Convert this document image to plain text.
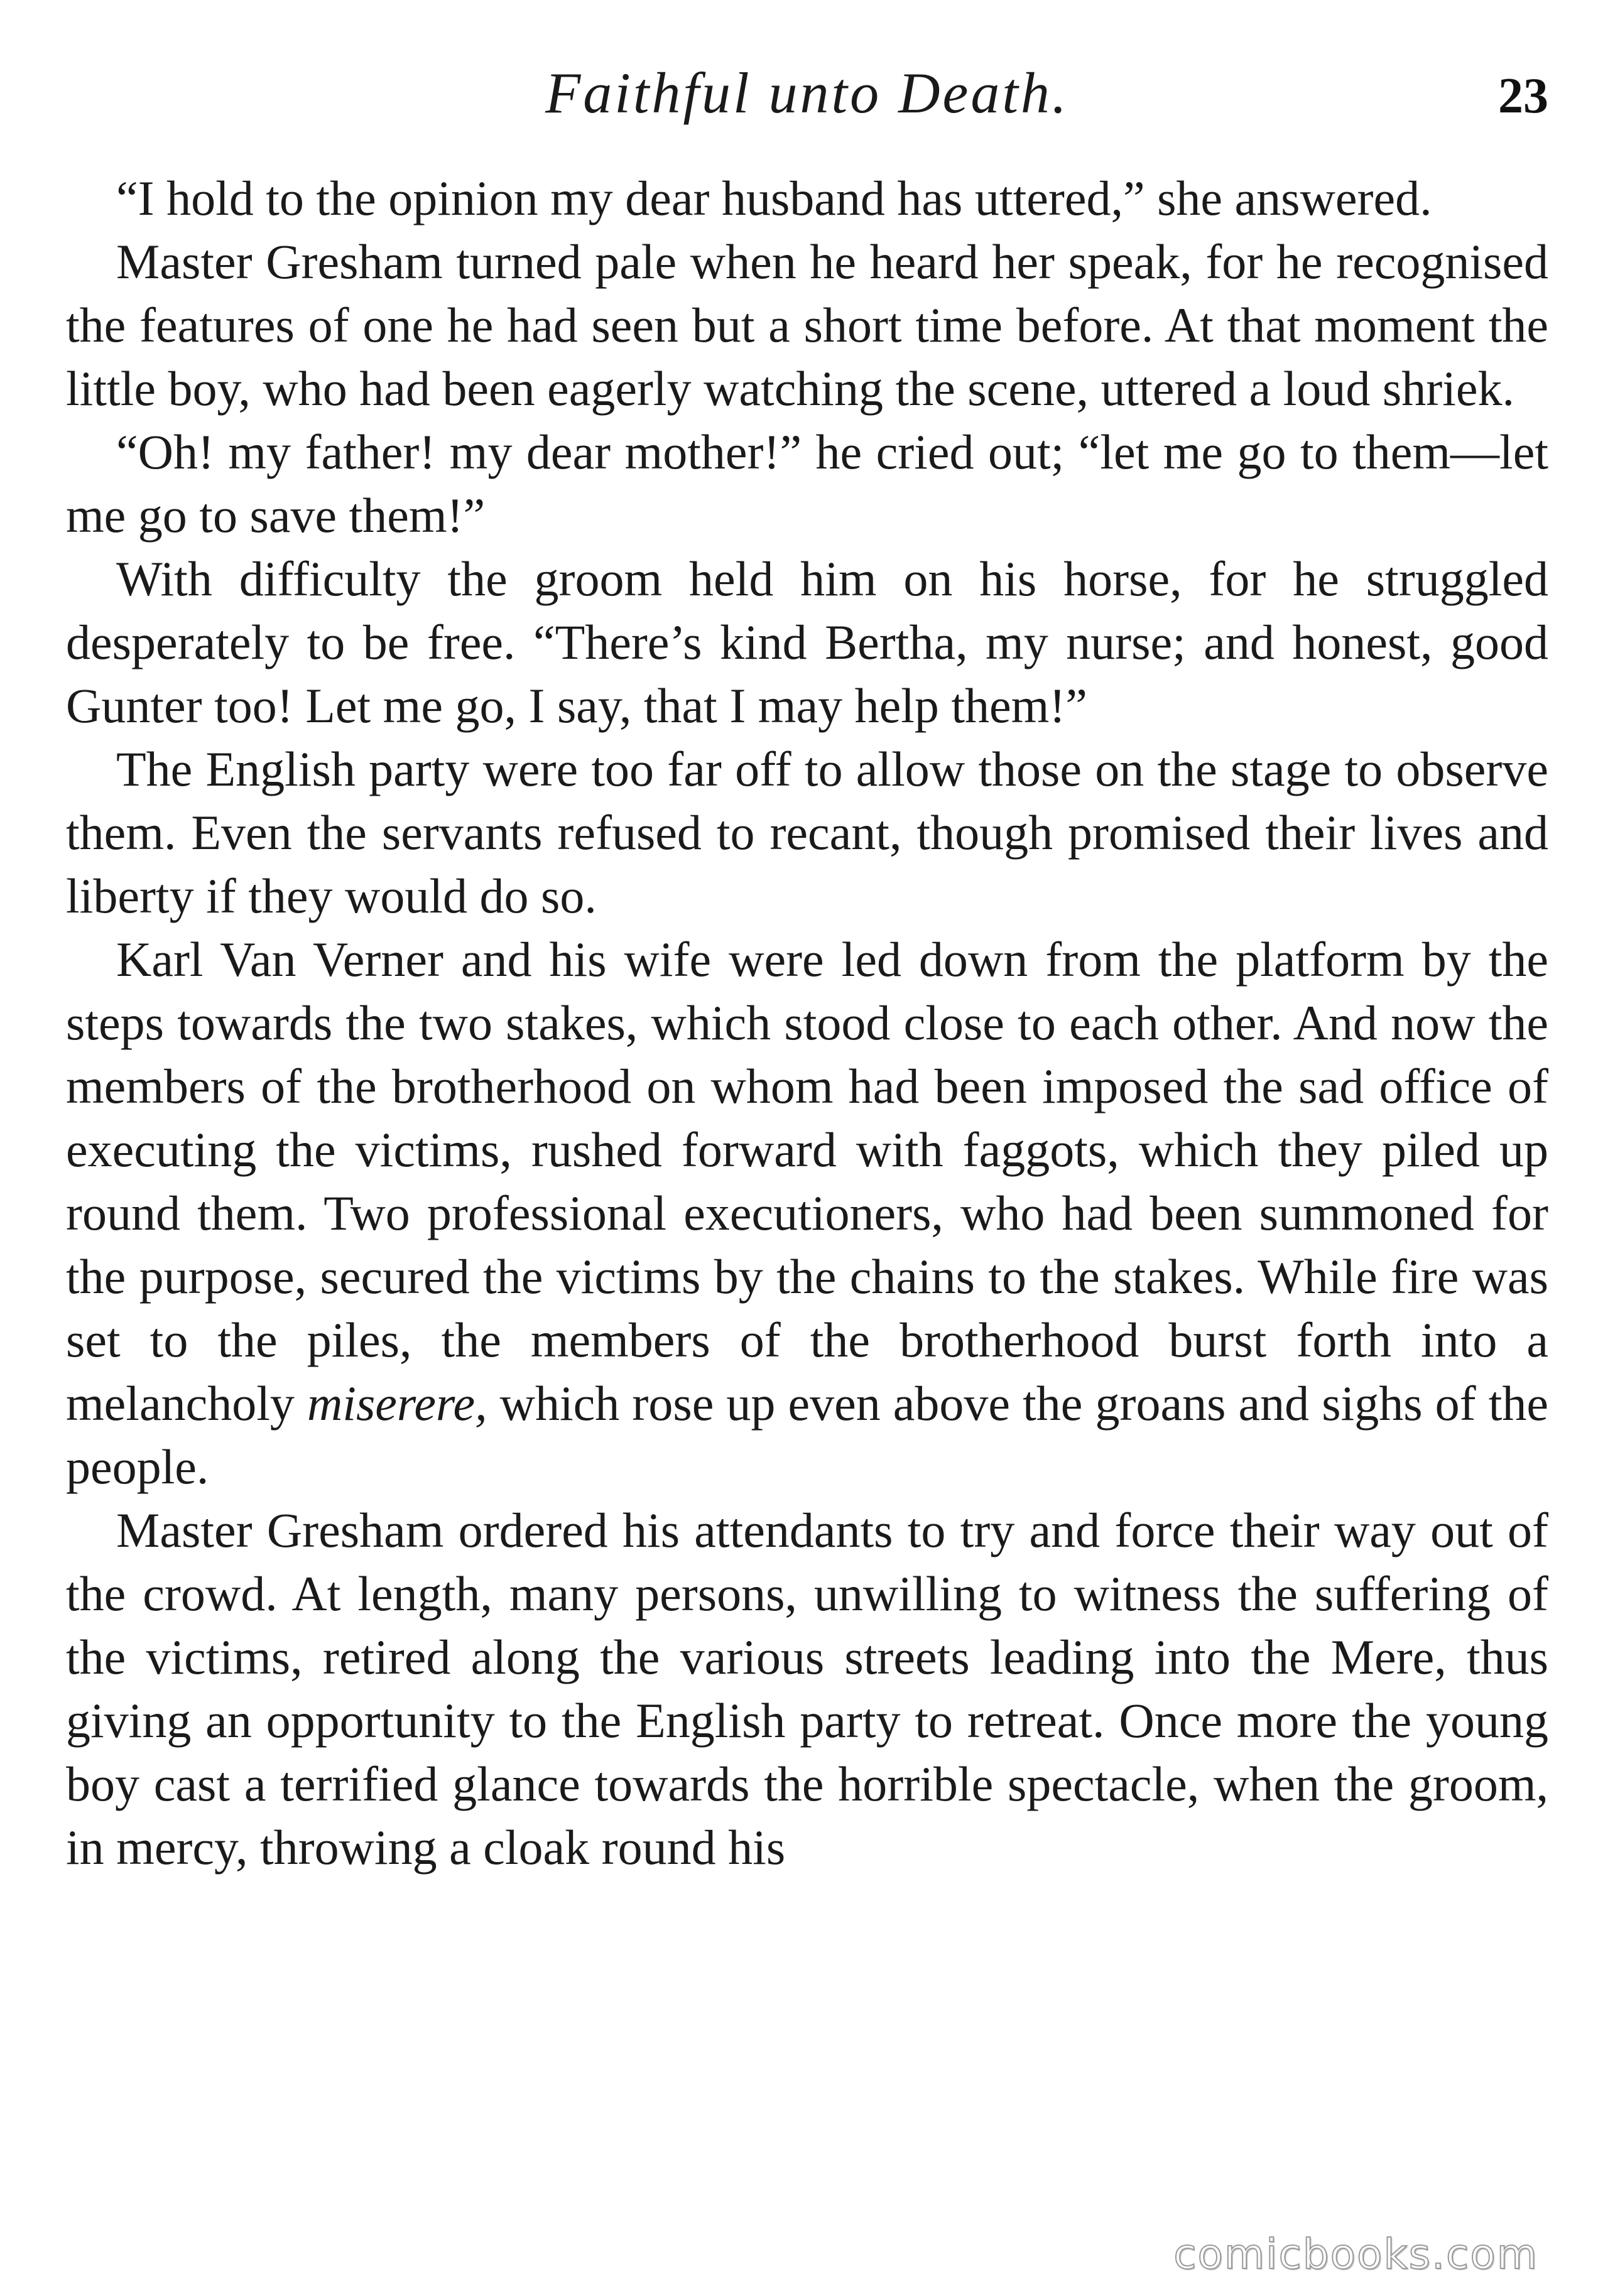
Faithful unto Death.	23

“I hold to the opinion my dear husband has uttered,” she answered.

Master Gresham turned pale when he heard her speak, for he recognised the features of one he had seen but a short time before. At that moment the little boy, who had been eagerly watching the scene, uttered a loud shriek.

“Oh! my father! my dear mother!” he cried out; “let me go to them—let me go to save them!”

With difficulty the groom held him on his horse, for he struggled desperately to be free. “There’s kind Bertha, my nurse; and honest, good Gunter too! Let me go, I say, that I may help them!”

The English party were too far off to allow those on the stage to observe them. Even the servants refused to recant, though promised their lives and liberty if they would do so.

Karl Van Verner and his wife were led down from the platform by the steps towards the two stakes, which stood close to each other. And now the members of the brotherhood on whom had been imposed the sad office of executing the victims, rushed forward with faggots, which they piled up round them. Two professional executioners, who had been summoned for the purpose, secured the victims by the chains to the stakes. While fire was set to the piles, the members of the brotherhood burst forth into a melancholy miserere, which rose up even above the groans and sighs of the people.

Master Gresham ordered his attendants to try and force their way out of the crowd. At length, many persons, unwilling to witness the suffering of the victims, retired along the various streets leading into the Mere, thus giving an opportunity to the English party to retreat. Once more the young boy cast a terrified glance towards the horrible spectacle, when the groom, in mercy, throwing a cloak round his

comicbooks.com
